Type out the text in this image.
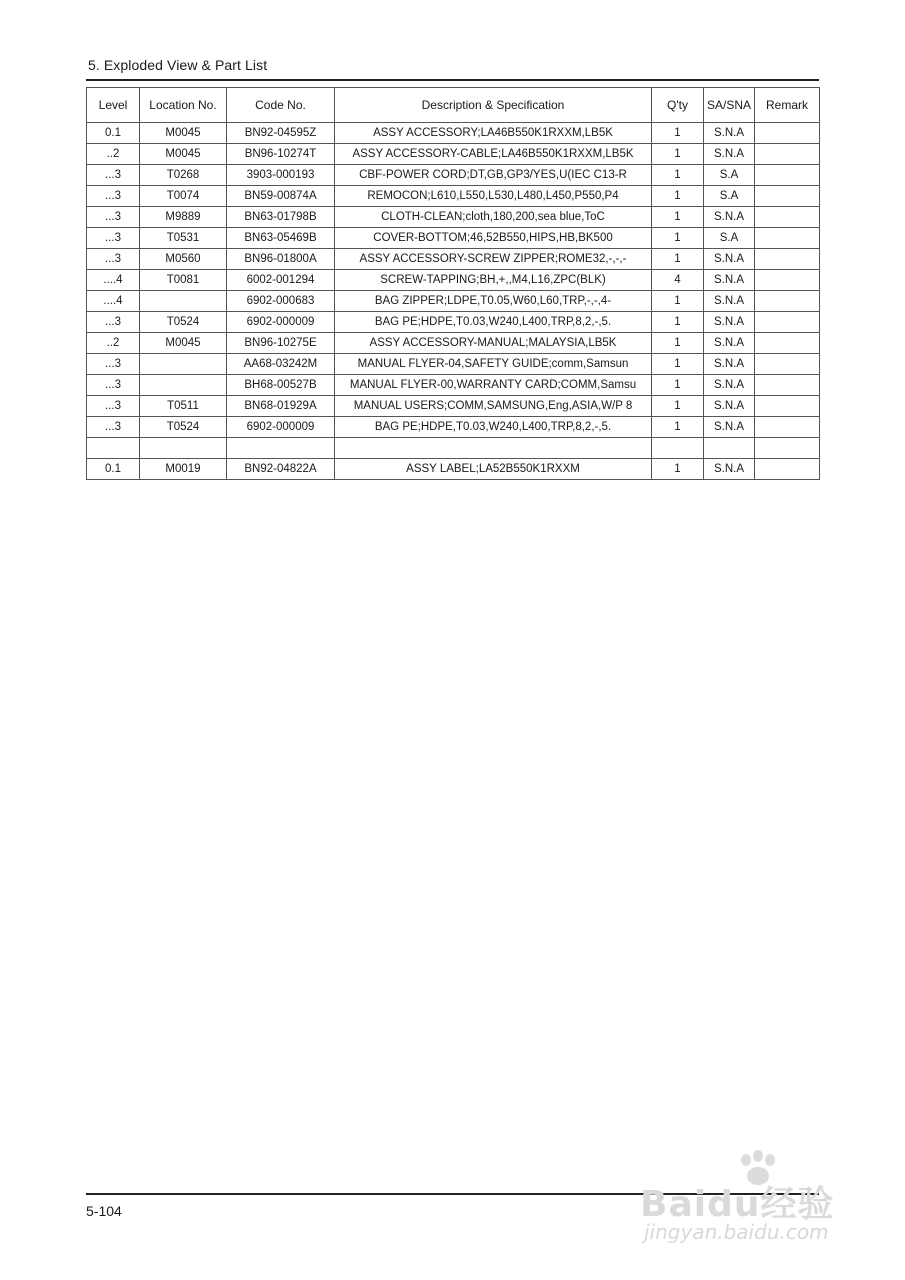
5. Exploded View & Part List
Level	Location No.	Code No.	Description & Specification	Q'ty	SA/SNA	Remark
0.1	M0045	BN92-04595Z	ASSY ACCESSORY;LA46B550K1RXXM,LB5K	1	S.N.A	
..2	M0045	BN96-10274T	ASSY ACCESSORY-CABLE;LA46B550K1RXXM,LB5K	1	S.N.A	
...3	T0268	3903-000193	CBF-POWER CORD;DT,GB,GP3/YES,U(IEC C13-R	1	S.A	
...3	T0074	BN59-00874A	REMOCON;L610,L550,L530,L480,L450,P550,P4	1	S.A	
...3	M9889	BN63-01798B	CLOTH-CLEAN;cloth,180,200,sea blue,ToC	1	S.N.A	
...3	T0531	BN63-05469B	COVER-BOTTOM;46,52B550,HIPS,HB,BK500	1	S.A	
...3	M0560	BN96-01800A	ASSY ACCESSORY-SCREW ZIPPER;ROME32,-,-,-	1	S.N.A	
....4	T0081	6002-001294	SCREW-TAPPING;BH,+,,M4,L16,ZPC(BLK)	4	S.N.A	
....4		6902-000683	BAG ZIPPER;LDPE,T0.05,W60,L60,TRP,-,-,4-	1	S.N.A	
...3	T0524	6902-000009	BAG PE;HDPE,T0.03,W240,L400,TRP,8,2,-,5.	1	S.N.A	
..2	M0045	BN96-10275E	ASSY ACCESSORY-MANUAL;MALAYSIA,LB5K	1	S.N.A	
...3		AA68-03242M	MANUAL FLYER-04,SAFETY GUIDE;comm,Samsun	1	S.N.A	
...3		BH68-00527B	MANUAL FLYER-00,WARRANTY CARD;COMM,Samsu	1	S.N.A	
...3	T0511	BN68-01929A	MANUAL USERS;COMM,SAMSUNG,Eng,ASIA,W/P 8	1	S.N.A	
...3	T0524	6902-000009	BAG PE;HDPE,T0.03,W240,L400,TRP,8,2,-,5.	1	S.N.A	

0.1	M0019	BN92-04822A	ASSY LABEL;LA52B550K1RXXM	1	S.N.A	
5-104	Baidu经验
jingyan.baidu.com
